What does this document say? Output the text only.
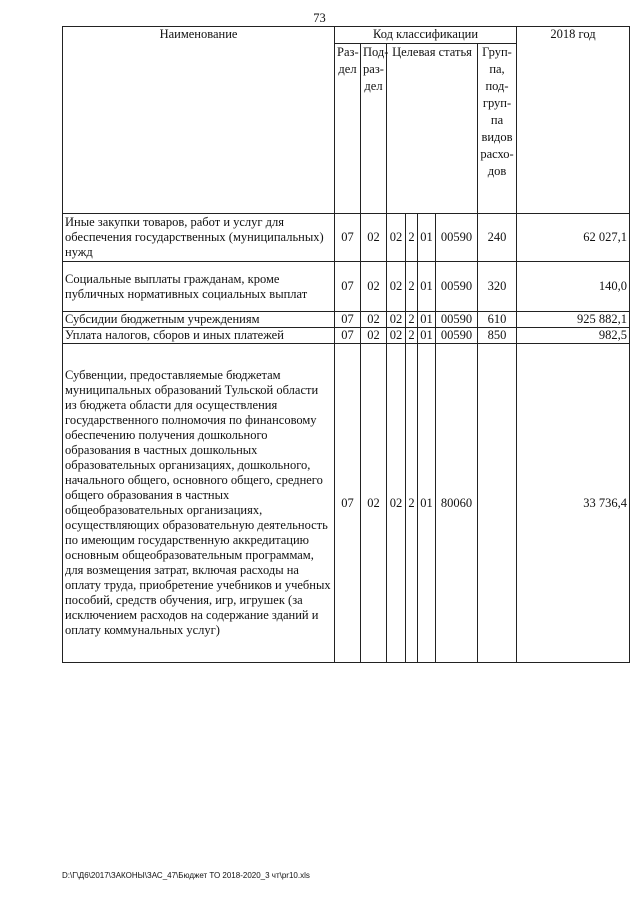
73
Наименование	Код классификации							2018 год
	Раз- дел	Под- раз- дел	Целевая статья				Груп- па, под- груп- па видов расхо- дов	
Иные закупки товаров, работ и услуг для обеспечения государственных (муниципальных) нужд	07	02	02	2	01	00590	240	62 027,1
Социальные выплаты гражданам, кроме публичных нормативных социальных выплат	07	02	02	2	01	00590	320	140,0
Субсидии бюджетным учреждениям	07	02	02	2	01	00590	610	925 882,1
Уплата налогов, сборов и иных платежей	07	02	02	2	01	00590	850	982,5
Субвенции, предоставляемые бюджетам муниципальных образований Тульской области из бюджета области для осуществления государственного полномочия по финансовому обеспечению получения дошкольного образования в частных дошкольных образовательных организациях, дошкольного, начального общего, основного общего, среднего общего образования в частных общеобразовательных организациях, осуществляющих образовательную деятельность по имеющим государственную аккредитацию основным общеобразовательным программам, для возмещения затрат, включая расходы на оплату труда, приобретение учебников и учебных пособий, средств обучения, игр, игрушек (за исключением расходов на содержание зданий и оплату коммунальных услуг)	07	02	02	2	01	80060		33 736,4
D:\Г\Д6\2017\ЗАКОНЫ\ЗАС_47\Бюджет ТО 2018-2020_3 чт\pr10.xls
